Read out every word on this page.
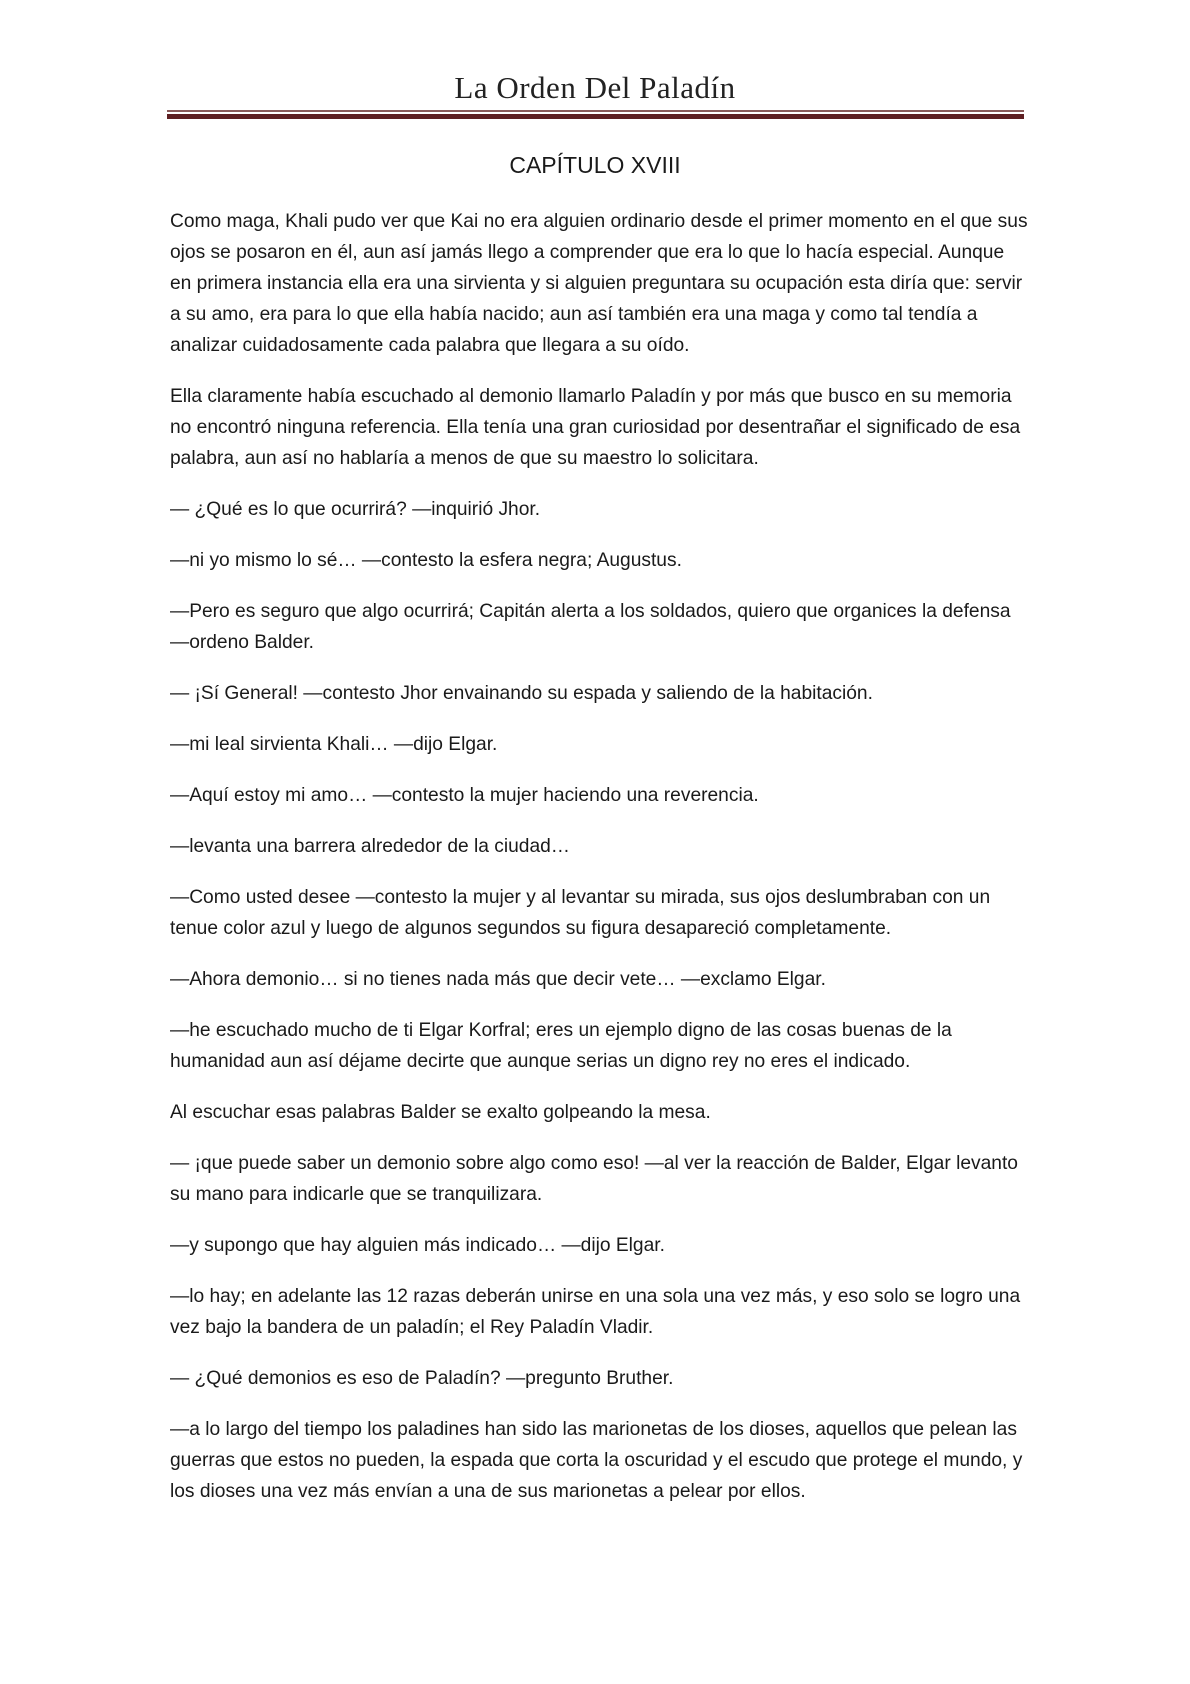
La Orden Del Paladín
CAPÍTULO XVIII

Como maga, Khali pudo ver que Kai no era alguien ordinario desde el primer momento en el que sus ojos se posaron en él, aun así jamás llego a comprender que era lo que lo hacía especial. Aunque en primera instancia ella era una sirvienta y si alguien preguntara su ocupación esta diría que: servir a su amo, era para lo que ella había nacido; aun así también era una maga y como tal tendía a analizar cuidadosamente cada palabra que llegara a su oído.

Ella claramente había escuchado al demonio llamarlo Paladín y por más que busco en su memoria no encontró ninguna referencia. Ella tenía una gran curiosidad por desentrañar el significado de esa palabra, aun así no hablaría a menos de que su maestro lo solicitara.

— ¿Qué es lo que ocurrirá? —inquirió Jhor.

—ni yo mismo lo sé… —contesto la esfera negra; Augustus.

—Pero es seguro que algo ocurrirá; Capitán alerta a los soldados, quiero que organices la defensa —ordeno Balder.

— ¡Sí General! —contesto Jhor envainando su espada y saliendo de la habitación.

—mi leal sirvienta Khali… —dijo Elgar.

—Aquí estoy mi amo… —contesto la mujer haciendo una reverencia.

—levanta una barrera alrededor de la ciudad…

—Como usted desee —contesto la mujer y al levantar su mirada, sus ojos deslumbraban con un tenue color azul y luego de algunos segundos su figura desapareció completamente.

—Ahora demonio… si no tienes nada más que decir vete… —exclamo Elgar.

—he escuchado mucho de ti Elgar Korfral; eres un ejemplo digno de las cosas buenas de la humanidad aun así déjame decirte que aunque serias un digno rey no eres el indicado.

Al escuchar esas palabras Balder se exalto golpeando la mesa.

— ¡que puede saber un demonio sobre algo como eso! —al ver la reacción de Balder, Elgar levanto su mano para indicarle que se tranquilizara.

—y supongo que hay alguien más indicado… —dijo Elgar.

—lo hay; en adelante las 12 razas deberán unirse en una sola una vez más, y eso solo se logro una vez bajo la bandera de un paladín; el Rey Paladín Vladir.

— ¿Qué demonios es eso de Paladín? —pregunto Bruther.

—a lo largo del tiempo los paladines han sido las marionetas de los dioses, aquellos que pelean las guerras que estos no pueden, la espada que corta la oscuridad y el escudo que protege el mundo, y los dioses una vez más envían a una de sus marionetas a pelear por ellos.
